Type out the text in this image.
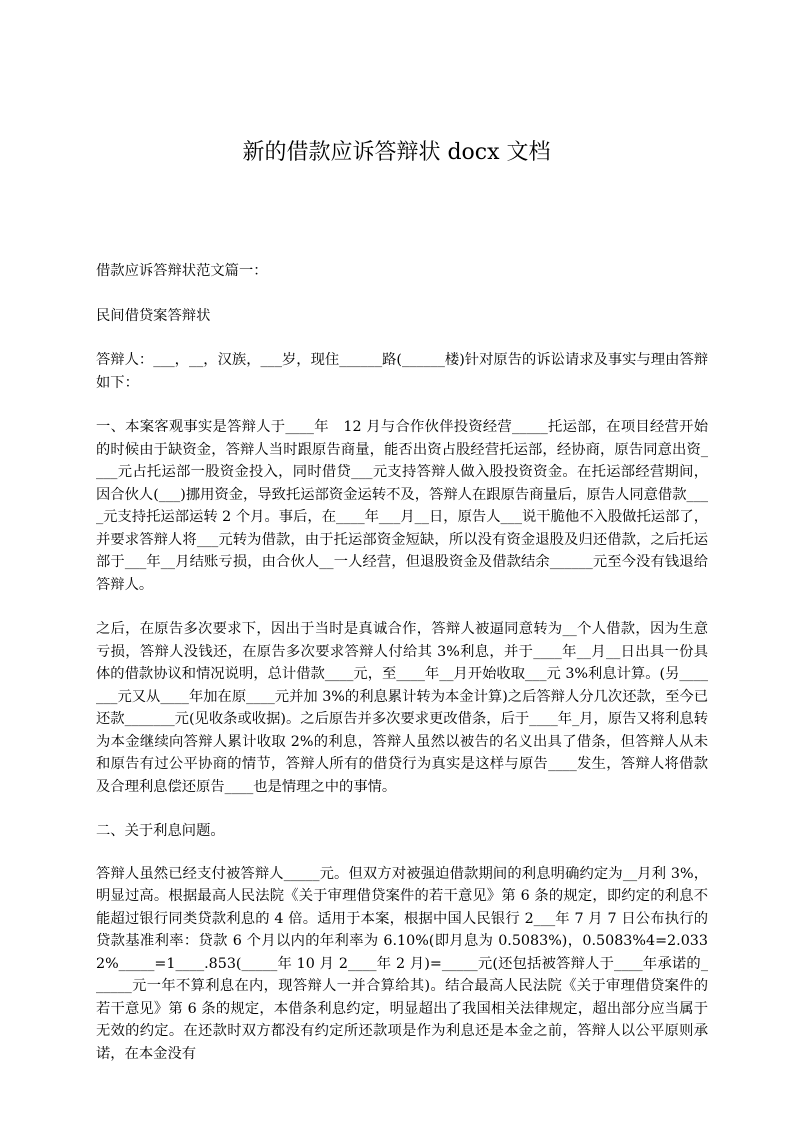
新的借款应诉答辩状 docx 文档

借款应诉答辩状范文篇一：

民间借贷案答辩状

答辩人：___，__，汉族，___岁，现住______路(______楼)针对原告的诉讼请求及事实与理由答辩如下：

一、本案客观事实是答辩人于____年　12 月与合作伙伴投资经营_____托运部，在项目经营开始的时候由于缺资金，答辩人当时跟原告商量，能否出资占股经营托运部，经协商，原告同意出资____元占托运部一股资金投入，同时借贷___元支持答辩人做入股投资资金。在托运部经营期间，因合伙人(___)挪用资金，导致托运部资金运转不及，答辩人在跟原告商量后，原告人同意借款____元支持托运部运转 2 个月。事后，在____年___月__日，原告人___说干脆他不入股做托运部了，并要求答辩人将___元转为借款，由于托运部资金短缺，所以没有资金退股及归还借款，之后托运部于___年__月结账亏损，由合伙人__一人经营，但退股资金及借款结余______元至今没有钱退给答辩人。

之后，在原告多次要求下，因出于当时是真诚合作，答辩人被逼同意转为__个人借款，因为生意亏损，答辩人没钱还，在原告多次要求答辩人付给其 3%利息，并于____年__月__日出具一份具体的借款协议和情况说明，总计借款____元，至____年__月开始收取___元 3%利息计算。(另_______元又从____年加在原____元并加 3%的利息累计转为本金计算)之后答辩人分几次还款，至今已还款_______元(见收条或收据)。之后原告并多次要求更改借条，后于____年_月，原告又将利息转为本金继续向答辩人累计收取 2%的利息，答辩人虽然以被告的名义出具了借条，但答辩人从未和原告有过公平协商的情节，答辩人所有的借贷行为真实是这样与原告____发生，答辩人将借款及合理利息偿还原告____也是情理之中的事情。

二、关于利息问题。

答辩人虽然已经支付被答辩人_____元。但双方对被强迫借款期间的利息明确约定为__月利 3%，明显过高。根据最高人民法院《关于审理借贷案件的若干意见》第 6 条的规定，即约定的利息不能超过银行同类贷款利息的 4 倍。适用于本案，根据中国人民银行 2___年 7 月 7 日公布执行的贷款基准利率：贷款 6 个月以内的年利率为 6.10%(即月息为 0.5083%)，0.5083%4=2.0332%_____=1____.853(_____年 10 月 2____年 2 月)=_____元(还包括被答辩人于____年承诺的______元一年不算利息在内，现答辩人一并合算给其)。结合最高人民法院《关于审理借贷案件的若干意见》第 6 条的规定，本借条利息约定，明显超出了我国相关法律规定，超出部分应当属于无效的约定。在还款时双方都没有约定所还款项是作为利息还是本金之前，答辩人以公平原则承诺，在本金没有
